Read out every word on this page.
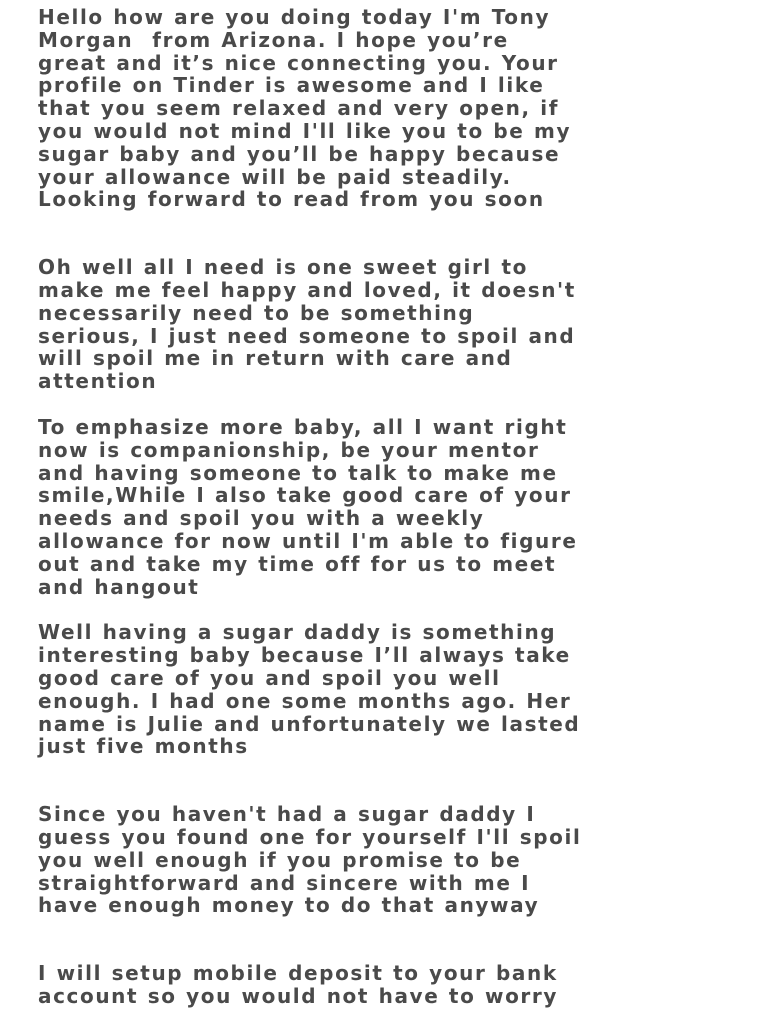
Hello how are you doing today I'm Tony
Morgan  from Arizona. I hope you’re
great and it’s nice connecting you. Your
profile on Tinder is awesome and I like
that you seem relaxed and very open, if
you would not mind I'll like you to be my
sugar baby and you’ll be happy because
your allowance will be paid steadily.
Looking forward to read from you soon

Oh well all I need is one sweet girl to
make me feel happy and loved, it doesn't
necessarily need to be something
serious, I just need someone to spoil and
will spoil me in return with care and
attention

To emphasize more baby, all I want right
now is companionship, be your mentor
and having someone to talk to make me
smile,While I also take good care of your
needs and spoil you with a weekly
allowance for now until I'm able to figure
out and take my time off for us to meet
and hangout

Well having a sugar daddy is something
interesting baby because I’ll always take
good care of you and spoil you well
enough. I had one some months ago. Her
name is Julie and unfortunately we lasted
just five months

Since you haven't had a sugar daddy I
guess you found one for yourself I'll spoil
you well enough if you promise to be
straightforward and sincere with me I
have enough money to do that anyway

I will setup mobile deposit to your bank
account so you would not have to worry
